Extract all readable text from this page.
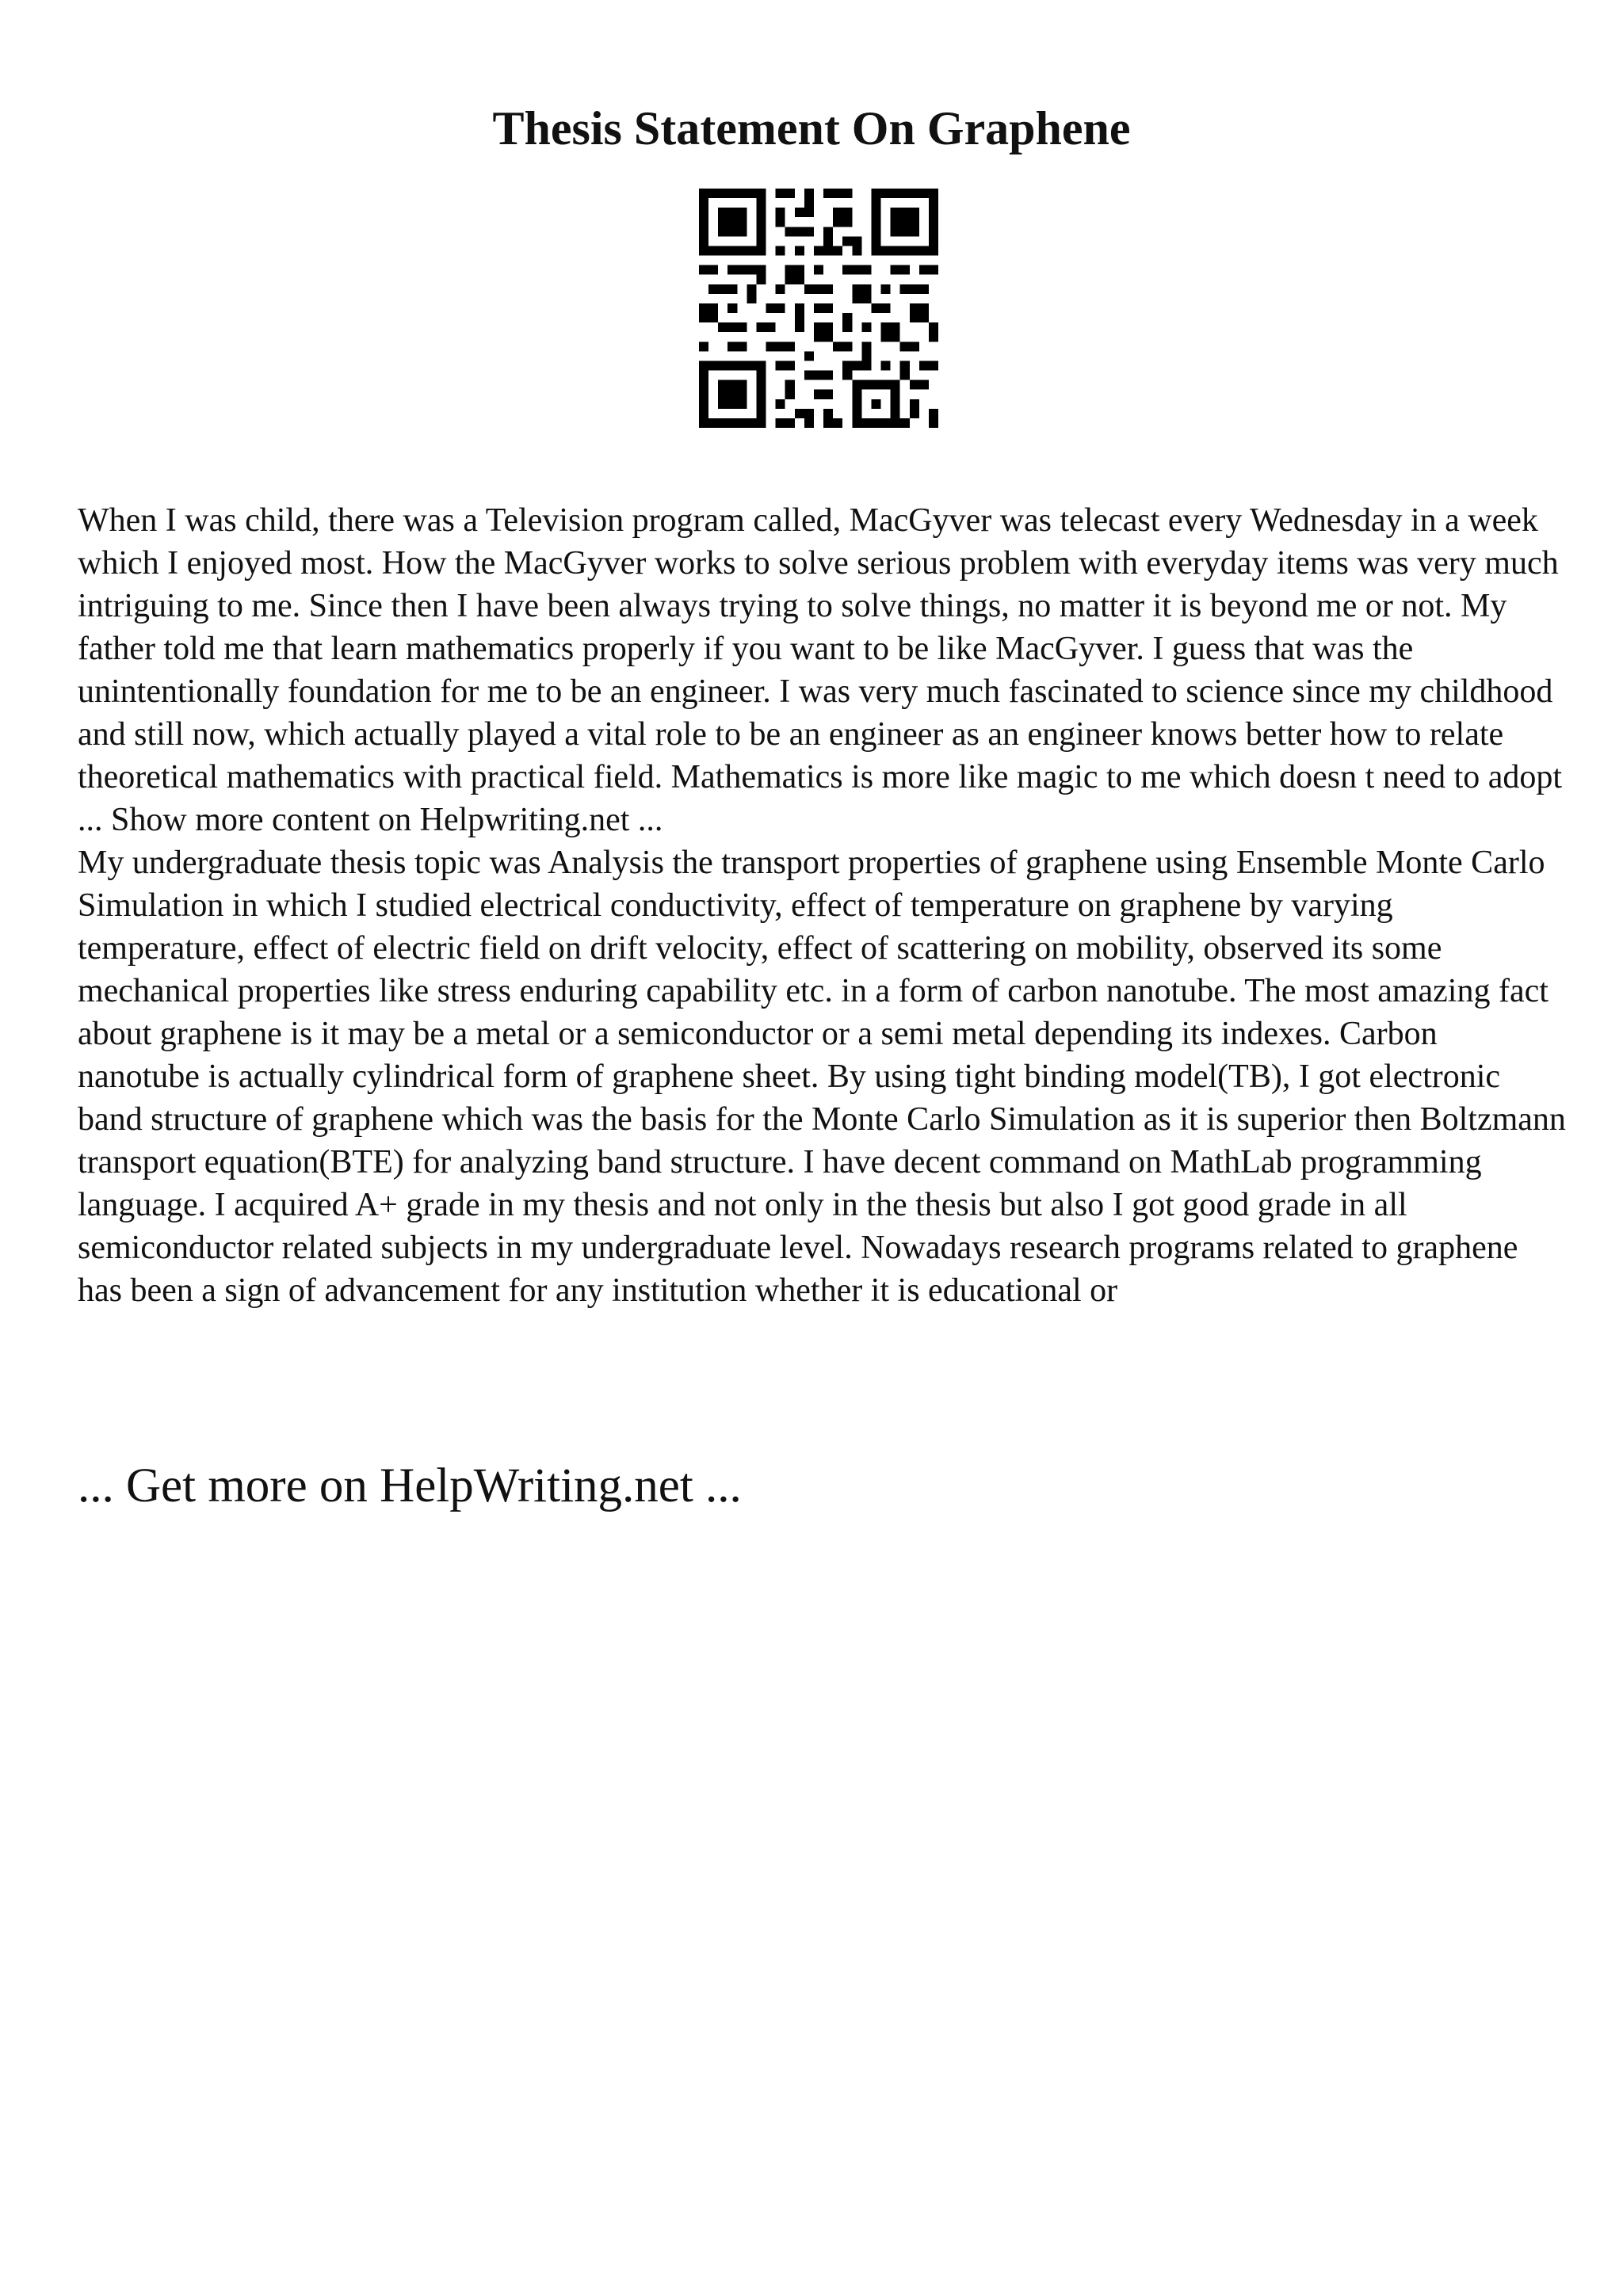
Thesis Statement On Graphene

When I was child, there was a Television program called, MacGyver was telecast every Wednesday in a week which I enjoyed most. How the MacGyver works to solve serious problem with everyday items was very much intriguing to me. Since then I have been always trying to solve things, no matter it is beyond me or not. My father told me that learn mathematics properly if you want to be like MacGyver. I guess that was the unintentionally foundation for me to be an engineer. I was very much fascinated to science since my childhood and still now, which actually played a vital role to be an engineer as an engineer knows better how to relate theoretical mathematics with practical field. Mathematics is more like magic to me which doesn t need to adopt ... Show more content on Helpwriting.net ...

My undergraduate thesis topic was Analysis the transport properties of graphene using Ensemble Monte Carlo Simulation in which I studied electrical conductivity, effect of temperature on graphene by varying temperature, effect of electric field on drift velocity, effect of scattering on mobility, observed its some mechanical properties like stress enduring capability etc. in a form of carbon nanotube. The most amazing fact about graphene is it may be a metal or a semiconductor or a semi metal depending its indexes. Carbon nanotube is actually cylindrical form of graphene sheet. By using tight binding model(TB), I got electronic band structure of graphene which was the basis for the Monte Carlo Simulation as it is superior then Boltzmann transport equation(BTE) for analyzing band structure. I have decent command on MathLab programming language. I acquired A+ grade in my thesis and not only in the thesis but also I got good grade in all semiconductor related subjects in my undergraduate level. Nowadays research programs related to graphene has been a sign of advancement for any institution whether it is educational or

... Get more on HelpWriting.net ...
